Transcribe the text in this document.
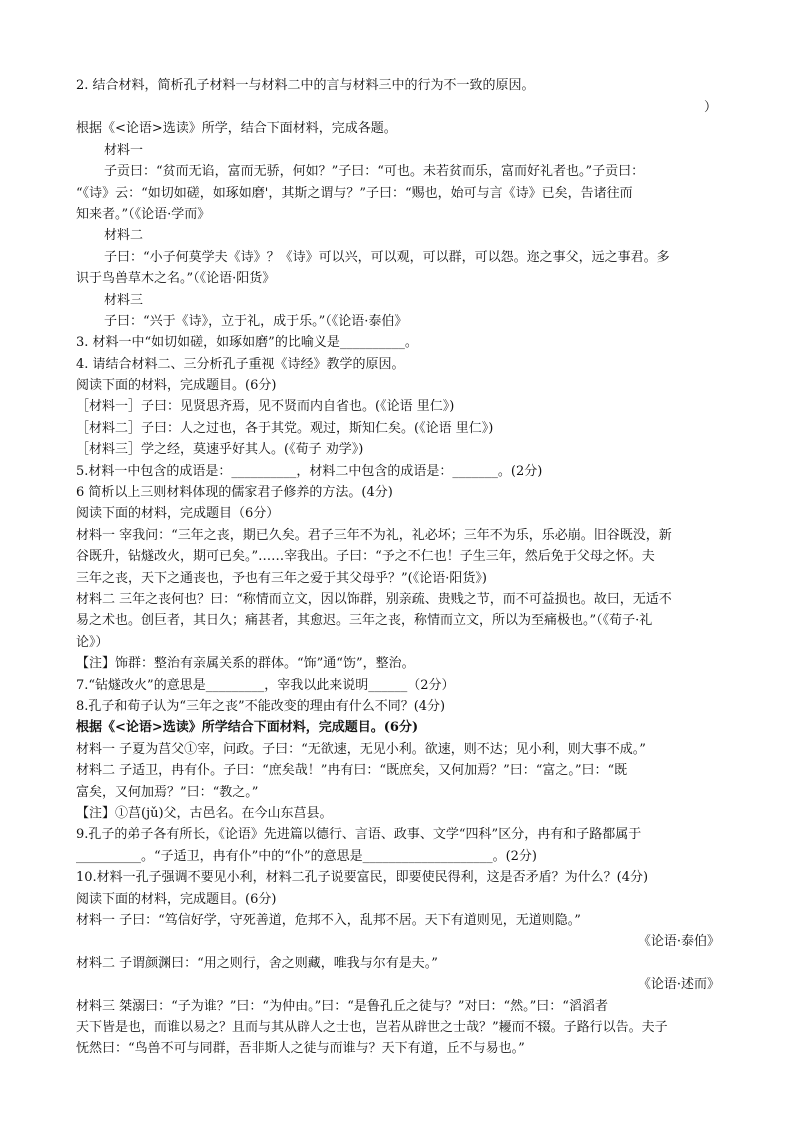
2. 结合材料，简析孔子材料一与材料二中的言与材料三中的行为不一致的原因。
）
根据《<论语>选读》所学，结合下面材料，完成各题。
材料一
子贡曰：“贫而无谄，富而无骄，何如？”子曰：“可也。未若贫而乐，富而好礼者也。”子贡曰：
“《诗》云：“如切如磋，如琢如磨'，其斯之谓与？”子曰：“赐也，始可与言《诗》已矣，告诸往而
知来者。”（《论语·学而》
材料二
子曰：“小子何莫学夫《诗》？《诗》可以兴，可以观，可以群，可以怨。迩之事父，远之事君。多
识于鸟兽草木之名。”（《论语·阳货》
材料三
子曰：“兴于《诗》，立于礼，成于乐。”（《论语·泰伯》
3. 材料一中“如切如磋，如琢如磨”的比喻义是__________。
4. 请结合材料二、三分析孔子重视《诗经》教学的原因。
阅读下面的材料，完成题目。(6分)
［材料一］子曰：见贤思齐焉，见不贤而内自省也。(《论语 里仁》)
［材料二］子曰：人之过也，各于其党。观过，斯知仁矣。(《论语 里仁》)
［材料三］学之经，莫速乎好其人。(《荀子 劝学》)
5.材料一中包含的成语是：__________，材料二中包含的成语是：_______。(2分)
6 简析以上三则材料体现的儒家君子修养的方法。(4分)
阅读下面的材料，完成题目（6分）
材料一 宰我问：“三年之丧，期已久矣。君子三年不为礼，礼必坏；三年不为乐，乐必崩。旧谷既没，新
谷既升，钻燧改火，期可已矣。”……宰我出。子曰：“予之不仁也！子生三年，然后免于父母之怀。夫
三年之丧，天下之通丧也，予也有三年之爱于其父母乎？”(《论语·阳货》)
材料二 三年之丧何也？曰：“称情而立文，因以饰群，别亲疏、贵贱之节，而不可益损也。故曰，无适不
易之术也。创巨者，其日久；痛甚者，其愈迟。三年之丧，称情而立文，所以为至痛极也。”（《荀子·礼
论》）
【注】饰群：整治有亲属关系的群体。“饰”通“饬”，整治。
7.“钻燧改火”的意思是_________，宰我以此来说明______（2分）
8.孔子和荀子认为“三年之丧”不能改变的理由有什么不同？(4分)
根据《<论语>选读》所学结合下面材料，完成题目。(6分)
材料一 子夏为莒父①宰，问政。子曰：“无欲速，无见小利。欲速，则不达；见小利，则大事不成。”
材料二 子适卫，冉有仆。子曰：“庶矣哉！”冉有曰：“既庶矣，又何加焉？”曰：“富之。”曰：“既
富矣，又何加焉？”曰：“教之。”
【注】①莒(jǔ)父，古邑名。在今山东莒县。
9.孔子的弟子各有所长，《论语》先进篇以德行、言语、政事、文学“四科”区分，冉有和子路都属于
__________。“子适卫，冉有仆”中的“仆”的意思是____________________。(2分)
10.材料一孔子强调不要见小利，材料二孔子说要富民，即要使民得利，这是否矛盾？为什么？(4分)
阅读下面的材料，完成题目。(6分)
材料一 子曰：“笃信好学，守死善道，危邦不入，乱邦不居。天下有道则见，无道则隐。”
《论语·泰伯》
材料二 子谓颜渊曰：“用之则行，舍之则藏，唯我与尔有是夫。”
《论语·述而》
材料三 桀溺曰：“子为谁？”曰：“为仲由。”曰：“是鲁孔丘之徒与？”对曰：“然。”曰：“滔滔者
天下皆是也，而谁以易之？且而与其从辟人之士也，岂若从辟世之士哉？”耰而不辍。子路行以告。夫子
怃然曰：“鸟兽不可与同群，吾非斯人之徒与而谁与？天下有道，丘不与易也。”
